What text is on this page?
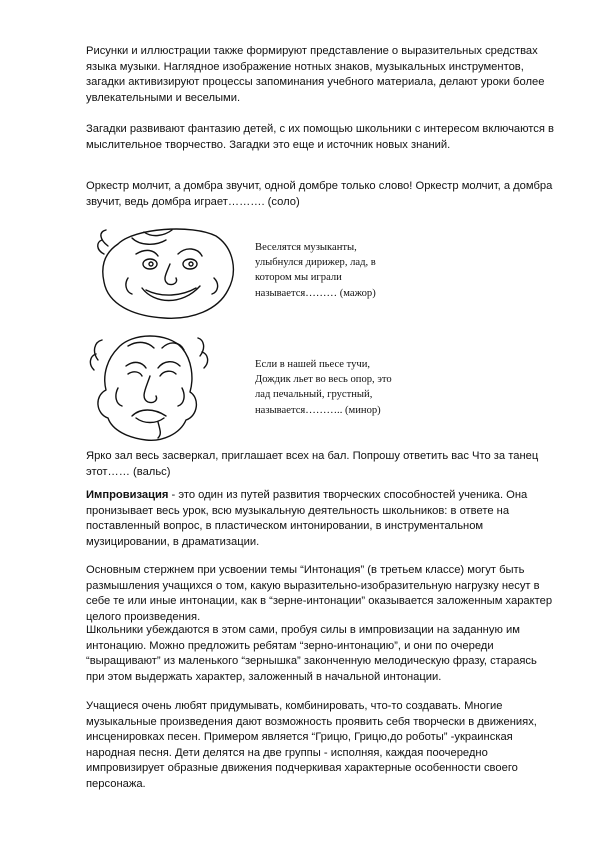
Рисунки и иллюстрации также формируют представление о выразительных средствах языка музыки. Наглядное изображение нотных знаков, музыкальных инструментов, загадки активизируют процессы запоминания учебного материала, делают уроки более увлекательными и веселыми.

Загадки развивают фантазию детей, с их помощью школьники с интересом включаются в мыслительное творчество. Загадки это еще и источник новых знаний.

Оркестр молчит, а домбра звучит, одной домбре только слово! Оркестр молчит, а домбра звучит, ведь домбра играет………. (соло)

Веселятся музыканты,
улыбнулся дирижер, лад, в
котором мы играли
называется……… (мажор)

Если в нашей пьесе тучи,
Дождик льет во весь опор, это
лад печальный, грустный,
называется……….. (минор)

Ярко зал весь засверкал, приглашает всех на бал. Попрошу ответить вас Что за танец этот…… (вальс)

Импровизация - это один из путей развития творческих способностей ученика. Она пронизывает весь урок, всю музыкальную деятельность школьников: в ответе на поставленный вопрос, в пластическом интонировании, в инструментальном музицировании, в драматизации.

Основным стержнем при усвоении темы “Интонация” (в третьем классе) могут быть размышления учащихся о том, какую выразительно-изобразительную нагрузку несут в себе те или иные интонации, как в “зерне-интонации” оказывается заложенным характер целого произведения.

Школьники убеждаются в этом сами, пробуя силы в импровизации на заданную им интонацию. Можно предложить ребятам “зерно-интонацию”, и они по очереди “выращивают” из маленького “зернышка” законченную мелодическую фразу, стараясь при этом выдержать характер, заложенный в начальной интонации.

Учащиеся очень любят придумывать, комбинировать, что-то создавать. Многие музыкальные произведения дают возможность проявить себя творчески в движениях, инсценировках песен. Примером является “Грицю, Грицю,до роботы” -украинская народная песня. Дети делятся на две группы - исполняя, каждая поочередно импровизирует образные движения подчеркивая характерные особенности своего персонажа.
